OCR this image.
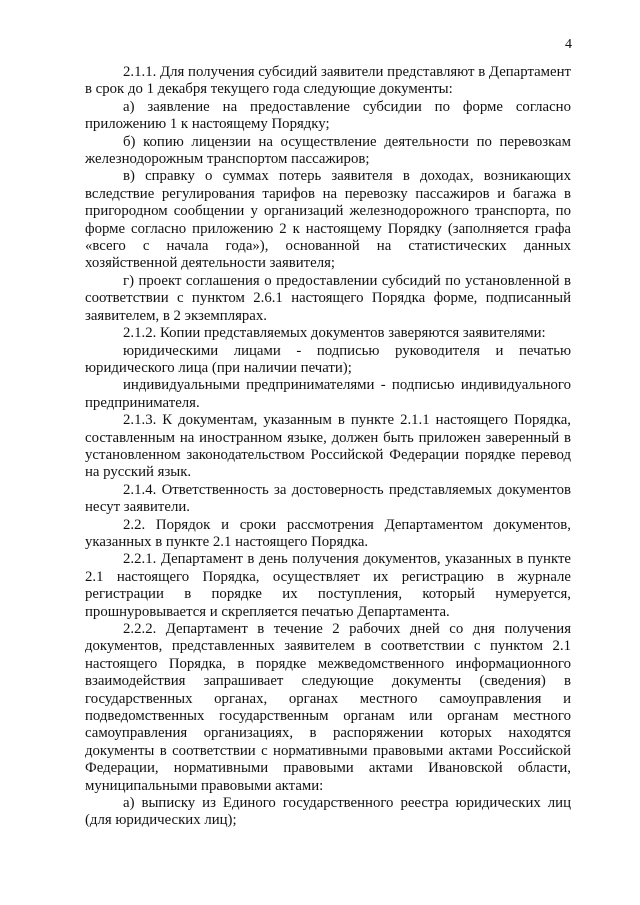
4

2.1.1. Для получения субсидий заявители представляют в Департамент в срок до 1 декабря текущего года следующие документы:

а) заявление на предоставление субсидии по форме согласно приложению 1 к настоящему Порядку;

б) копию лицензии на осуществление деятельности по перевозкам железнодорожным транспортом пассажиров;

в) справку о суммах потерь заявителя в доходах, возникающих вследствие регулирования тарифов на перевозку пассажиров и багажа в пригородном сообщении у организаций железнодорожного транспорта, по форме согласно приложению 2 к настоящему Порядку (заполняется графа «всего с начала года»), основанной на статистических данных хозяйственной деятельности заявителя;

г) проект соглашения о предоставлении субсидий по установленной в соответствии с пунктом 2.6.1 настоящего Порядка форме, подписанный заявителем, в 2 экземплярах.

2.1.2. Копии представляемых документов заверяются заявителями:

юридическими лицами - подписью руководителя и печатью юридического лица (при наличии печати);

индивидуальными предпринимателями - подписью индивидуального предпринимателя.

2.1.3. К документам, указанным в пункте 2.1.1 настоящего Порядка, составленным на иностранном языке, должен быть приложен заверенный в установленном законодательством Российской Федерации порядке перевод на русский язык.

2.1.4. Ответственность за достоверность представляемых документов несут заявители.

2.2. Порядок и сроки рассмотрения Департаментом документов, указанных в пункте 2.1 настоящего Порядка.

2.2.1. Департамент в день получения документов, указанных в пункте 2.1 настоящего Порядка, осуществляет их регистрацию в журнале регистрации в порядке их поступления, который нумеруется, прошнуровывается и скрепляется печатью Департамента.

2.2.2. Департамент в течение 2 рабочих дней со дня получения документов, представленных заявителем в соответствии с пунктом 2.1 настоящего Порядка, в порядке межведомственного информационного взаимодействия запрашивает следующие документы (сведения) в государственных органах, органах местного самоуправления и подведомственных государственным органам или органам местного самоуправления организациях, в распоряжении которых находятся документы в соответствии с нормативными правовыми актами Российской Федерации, нормативными правовыми актами Ивановской области, муниципальными правовыми актами:

а) выписку из Единого государственного реестра юридических лиц (для юридических лиц);
